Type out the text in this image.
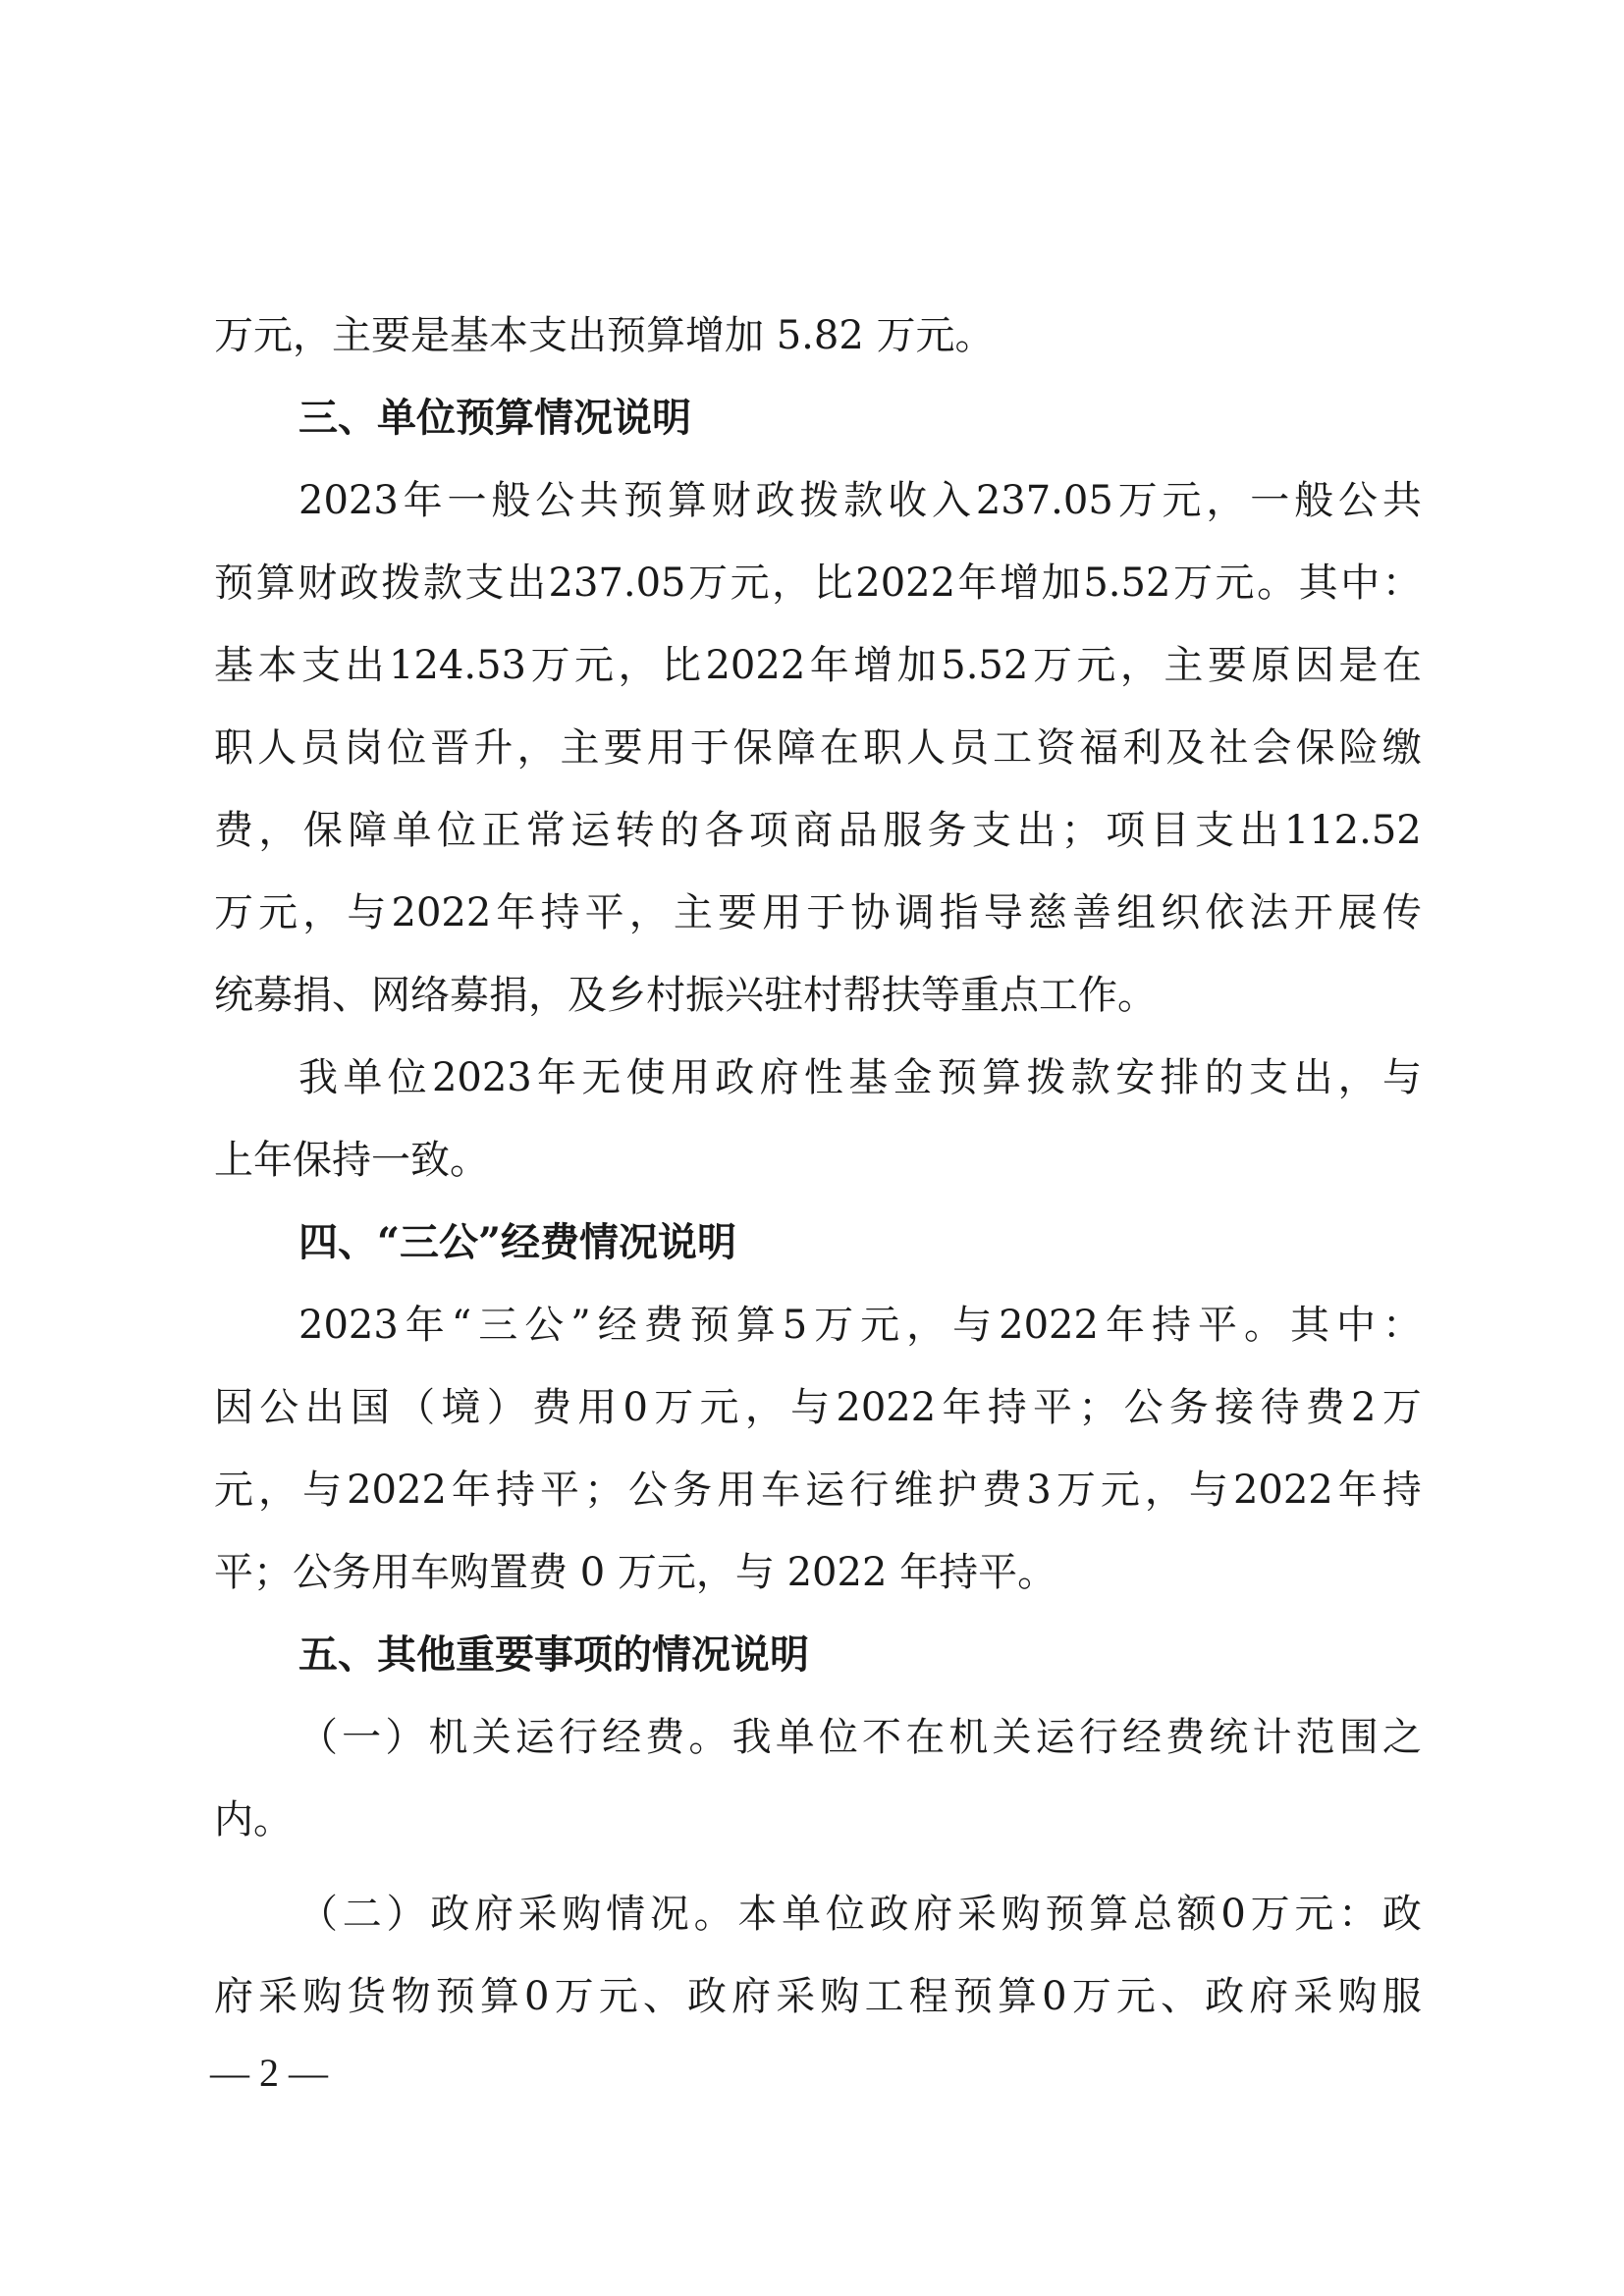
万元，主要是基本支出预算增加 5.82 万元。
三、单位预算情况说明
2023 年 一 般 公 共 预 算 财 政 拨 款 收 入 237.05 万 元 ， 一 般 公 共
预 算 财 政 拨 款 支 出 237.05 万 元 ， 比 2022 年 增 加 5.52 万 元 。 其 中 ：
基 本 支 出 124.53 万 元 ， 比 2022 年 增 加 5.52 万 元 ， 主 要 原 因 是 在
职 人 员 岗 位 晋 升 ， 主 要 用 于 保 障 在 职 人 员 工 资 福 利 及 社 会 保 险 缴
费 ， 保 障 单 位 正 常 运 转 的 各 项 商 品 服 务 支 出 ； 项 目 支 出 112.52
万 元 ， 与 2022 年 持 平 ， 主 要 用 于 协 调 指 导 慈 善 组 织 依 法 开 展 传
统募捐、网络募捐，及乡村振兴驻村帮扶等重点工作。
我 单 位 2023 年 无 使 用 政 府 性 基 金 预 算 拨 款 安 排 的 支 出 ， 与
上年保持一致。
四、“三公”经费情况说明
2023 年 “ 三 公 ” 经 费 预 算 5 万 元 ， 与 2022 年 持 平 。 其 中 ：
因 公 出 国 （ 境 ） 费 用 0 万 元 ， 与 2022 年 持 平 ； 公 务 接 待 费 2 万
元 ， 与 2022 年 持 平 ； 公 务 用 车 运 行 维 护 费 3 万 元 ， 与 2022 年 持
平；公务用车购置费 0 万元，与 2022 年持平。
五、其他重要事项的情况说明
（ 一 ） 机 关 运 行 经 费 。 我 单 位 不 在 机 关 运 行 经 费 统 计 范 围 之
内。
（ 二 ） 政 府 采 购 情 况 。 本 单 位 政 府 采 购 预 算 总 额 0 万 元 ： 政
府 采 购 货 物 预 算 0 万 元 、 政 府 采 购 工 程 预 算 0 万 元 、 政 府 采 购 服
— 2 —
